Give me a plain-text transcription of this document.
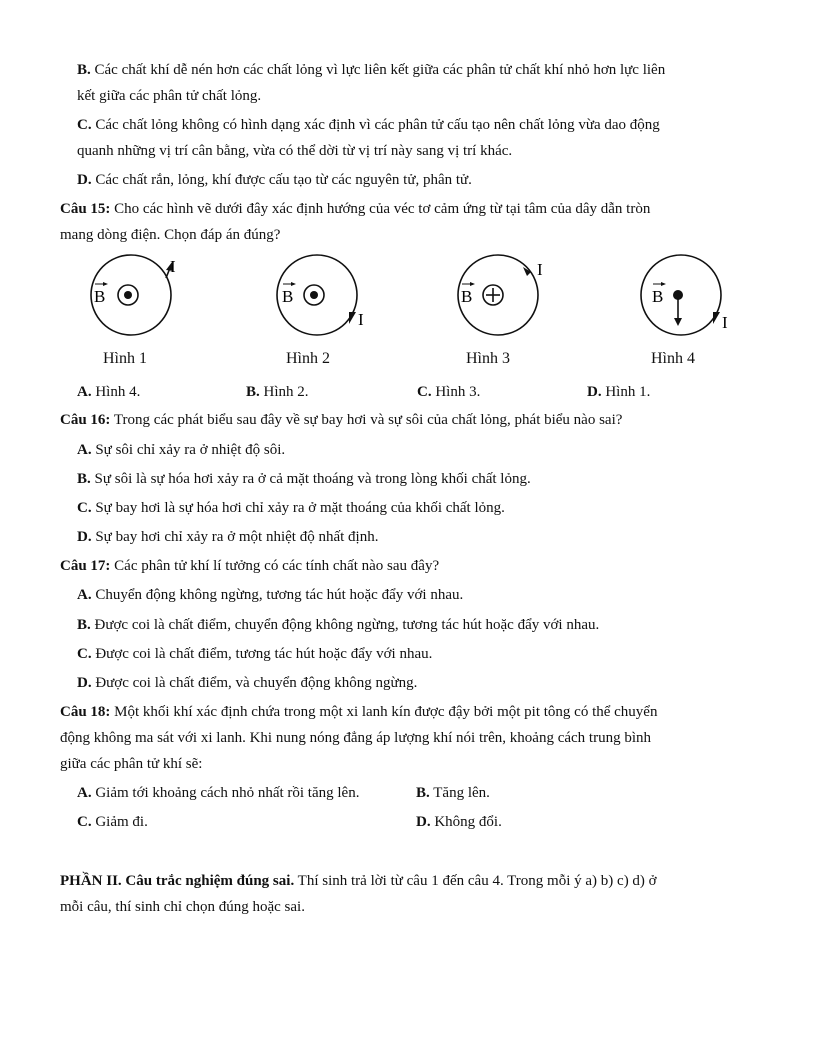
B. Các chất khí dễ nén hơn các chất lỏng vì lực liên kết giữa các phân tử chất khí nhỏ hơn lực liên
kết giữa các phân tử chất lỏng.
C. Các chất lỏng không có hình dạng xác định vì các phân tử cấu tạo nên chất lỏng vừa dao động
quanh những vị trí cân bằng, vừa có thể dời từ vị trí này sang vị trí khác.
D. Các chất rắn, lỏng, khí được cấu tạo từ các nguyên tử, phân tử.
Câu 15: Cho các hình vẽ dưới đây xác định hướng của véc tơ cảm ứng từ tại tâm của dây dẫn tròn
mang dòng điện. Chọn đáp án đúng?
I
B
Hình 1
I
B
Hình 2
I
B
Hình 3
I
B
Hình 4
A. Hình 4.	B. Hình 2.	C. Hình 3.	D. Hình 1.
Câu 16: Trong các phát biểu sau đây về sự bay hơi và sự sôi của chất lỏng, phát biểu nào sai?
A. Sự sôi chỉ xảy ra ở nhiệt độ sôi.
B. Sự sôi là sự hóa hơi xảy ra ở cả mặt thoáng và trong lòng khối chất lỏng.
C. Sự bay hơi là sự hóa hơi chỉ xảy ra ở mặt thoáng của khối chất lỏng.
D. Sự bay hơi chỉ xảy ra ở một nhiệt độ nhất định.
Câu 17: Các phân tử khí lí tưởng có các tính chất nào sau đây?
A. Chuyển động không ngừng, tương tác hút hoặc đẩy với nhau.
B. Được coi là chất điểm, chuyển động không ngừng, tương tác hút hoặc đẩy với nhau.
C. Được coi là chất điểm, tương tác hút hoặc đẩy với nhau.
D. Được coi là chất điểm, và chuyển động không ngừng.
Câu 18: Một khối khí xác định chứa trong một xi lanh kín được đậy bởi một pit tông có thể chuyển
động không ma sát với xi lanh. Khi nung nóng đẳng áp lượng khí nói trên, khoảng cách trung bình
giữa các phân tử khí sẽ:
A. Giảm tới khoảng cách nhỏ nhất rồi tăng lên.	B. Tăng lên.
C. Giảm đi.	D. Không đổi.
PHẦN II. Câu trắc nghiệm đúng sai. Thí sinh trả lời từ câu 1 đến câu 4. Trong mỗi ý a) b) c) d) ở
mỗi câu, thí sinh chỉ chọn đúng hoặc sai.
